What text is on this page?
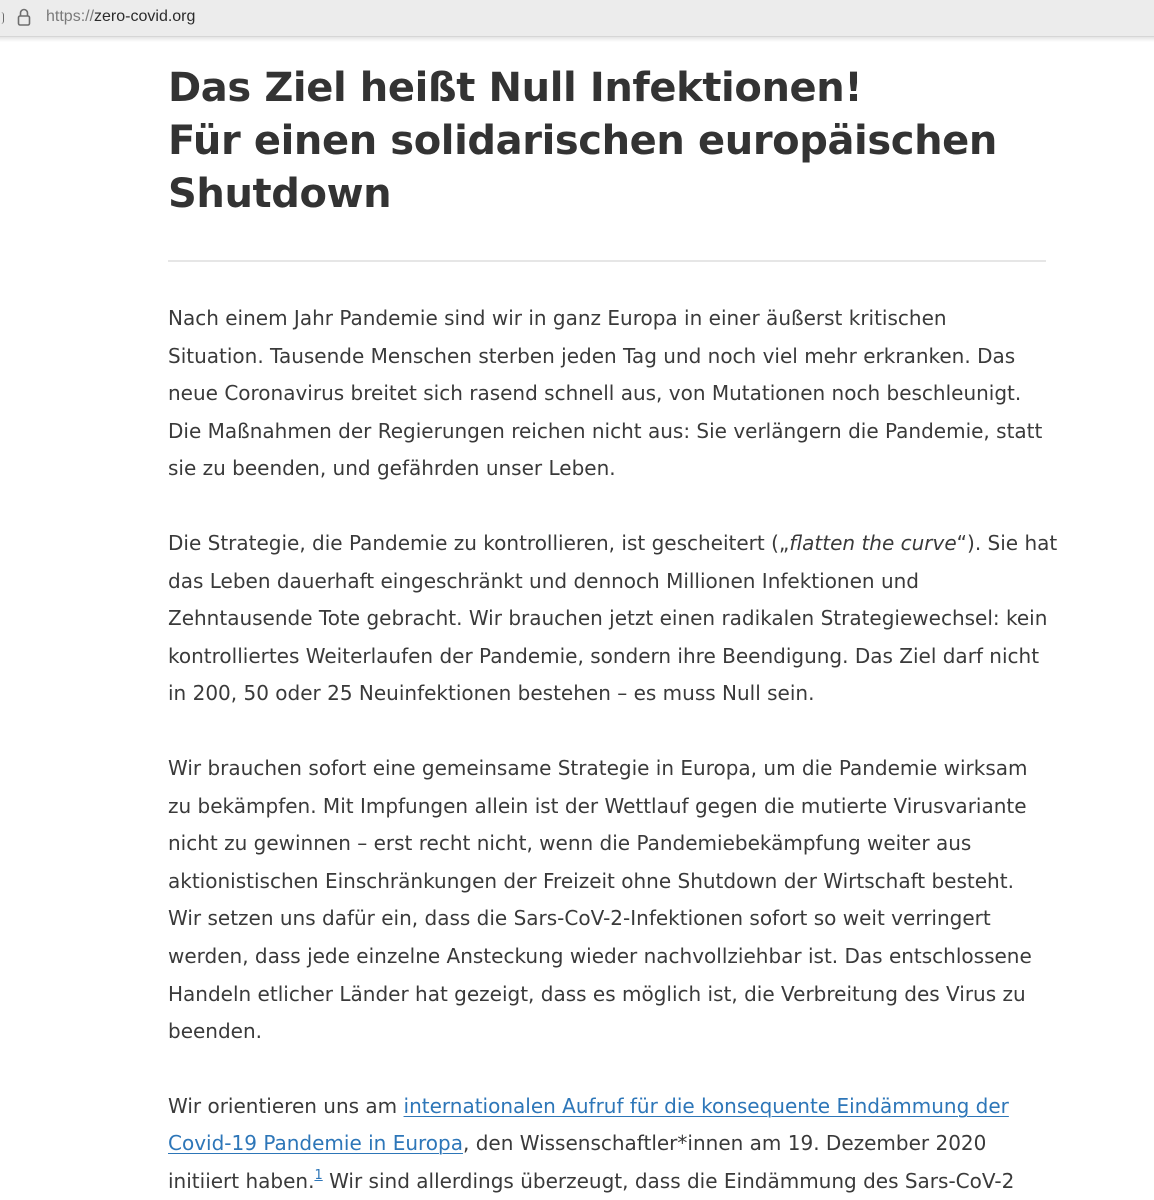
https://zero-covid.org
Das Ziel heißt Null Infektionen!
Für einen solidarischen europäischen
Shutdown

Nach einem Jahr Pandemie sind wir in ganz Europa in einer äußerst kritischen
Situation. Tausende Menschen sterben jeden Tag und noch viel mehr erkranken. Das
neue Coronavirus breitet sich rasend schnell aus, von Mutationen noch beschleunigt.
Die Maßnahmen der Regierungen reichen nicht aus: Sie verlängern die Pandemie, statt
sie zu beenden, und gefährden unser Leben.

Die Strategie, die Pandemie zu kontrollieren, ist gescheitert („flatten the curve“). Sie hat
das Leben dauerhaft eingeschränkt und dennoch Millionen Infektionen und
Zehntausende Tote gebracht. Wir brauchen jetzt einen radikalen Strategiewechsel: kein
kontrolliertes Weiterlaufen der Pandemie, sondern ihre Beendigung. Das Ziel darf nicht
in 200, 50 oder 25 Neuinfektionen bestehen – es muss Null sein.

Wir brauchen sofort eine gemeinsame Strategie in Europa, um die Pandemie wirksam
zu bekämpfen. Mit Impfungen allein ist der Wettlauf gegen die mutierte Virusvariante
nicht zu gewinnen – erst recht nicht, wenn die Pandemiebekämpfung weiter aus
aktionistischen Einschränkungen der Freizeit ohne Shutdown der Wirtschaft besteht.
Wir setzen uns dafür ein, dass die Sars-CoV-2-Infektionen sofort so weit verringert
werden, dass jede einzelne Ansteckung wieder nachvollziehbar ist. Das entschlossene
Handeln etlicher Länder hat gezeigt, dass es möglich ist, die Verbreitung des Virus zu
beenden.

Wir orientieren uns am internationalen Aufruf für die konsequente Eindämmung der
Covid-19 Pandemie in Europa, den Wissenschaftler*innen am 19. Dezember 2020
initiiert haben.$^1$ Wir sind allerdings überzeugt, dass die Eindämmung des Sars-CoV-2
